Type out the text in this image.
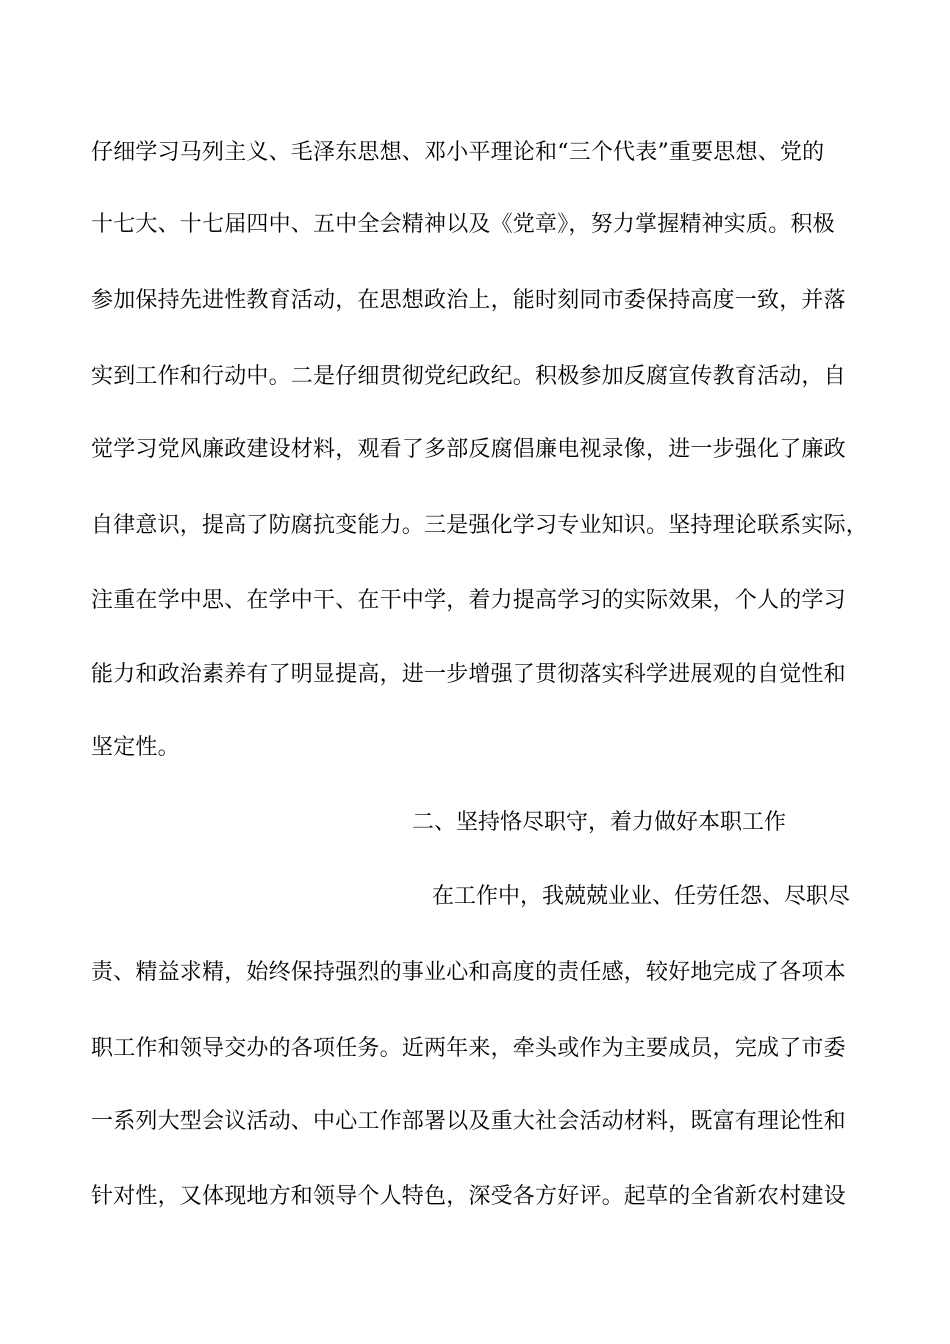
仔细学习马列主义、毛泽东思想、邓小平理论和“三个代表”重要思想、党的
十七大、十七届四中、五中全会精神以及《党章》，努力掌握精神实质。积极
参加保持先进性教育活动，在思想政治上，能时刻同市委保持高度一致，并落
实到工作和行动中。二是仔细贯彻党纪政纪。积极参加反腐宣传教育活动，自
觉学习党风廉政建设材料，观看了多部反腐倡廉电视录像，进一步强化了廉政
自律意识，提高了防腐抗变能力。三是强化学习专业知识。坚持理论联系实际，
注重在学中思、在学中干、在干中学，着力提高学习的实际效果，个人的学习
能力和政治素养有了明显提高，进一步增强了贯彻落实科学进展观的自觉性和
坚定性。
二、坚持恪尽职守，着力做好本职工作
在工作中，我兢兢业业、任劳任怨、尽职尽
责、精益求精，始终保持强烈的事业心和高度的责任感，较好地完成了各项本
职工作和领导交办的各项任务。近两年来，牵头或作为主要成员，完成了市委
一系列大型会议活动、中心工作部署以及重大社会活动材料，既富有理论性和
针对性，又体现地方和领导个人特色，深受各方好评。起草的全省新农村建设
